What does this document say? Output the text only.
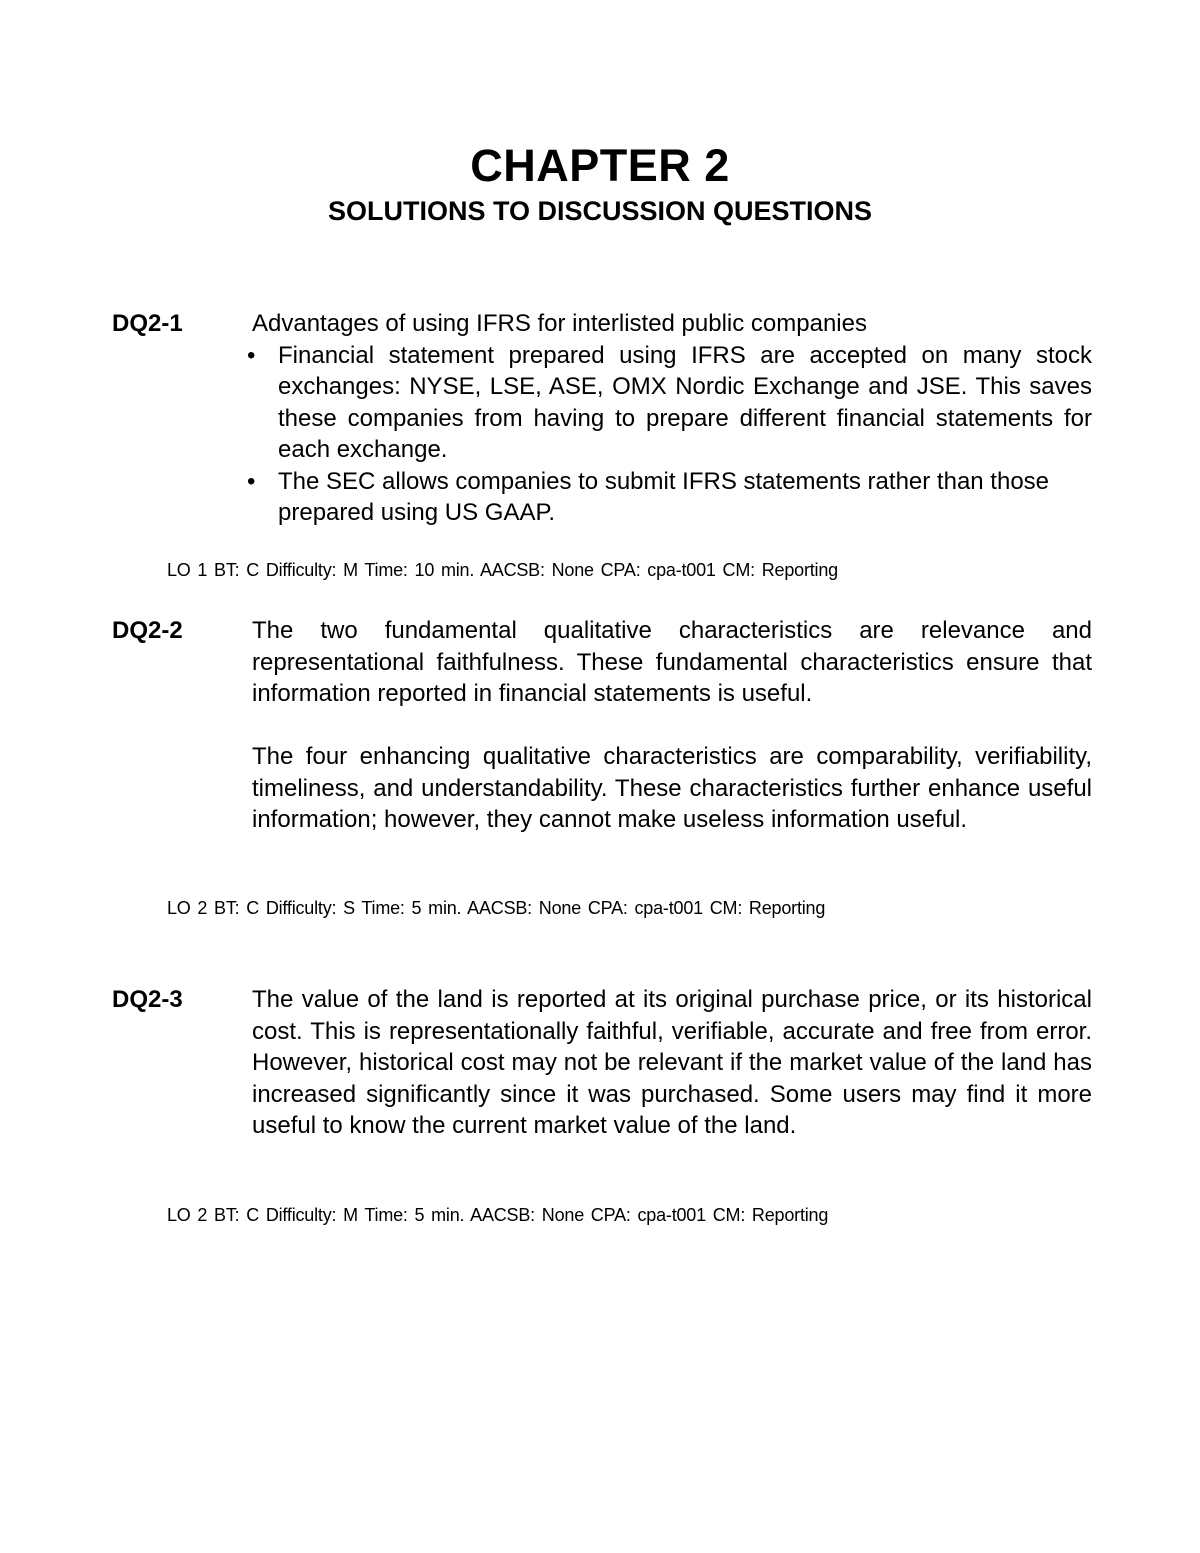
CHAPTER 2
SOLUTIONS TO DISCUSSION QUESTIONS
DQ2-1	Advantages of using IFRS for interlisted public companies

• Financial statement prepared using IFRS are accepted on many stock exchanges: NYSE, LSE, ASE, OMX Nordic Exchange and JSE. This saves these companies from having to prepare different financial statements for each exchange.
• The SEC allows companies to submit IFRS statements rather than those prepared using US GAAP.
LO 1 BT: C Difficulty: M Time: 10 min. AACSB: None CPA: cpa-t001 CM: Reporting
DQ2-2	The two fundamental qualitative characteristics are relevance and representational faithfulness. These fundamental characteristics ensure that information reported in financial statements is useful.

The four enhancing qualitative characteristics are comparability, verifiability, timeliness, and understandability. These characteristics further enhance useful information; however, they cannot make useless information useful.

LO 2 BT: C Difficulty: S Time: 5 min. AACSB: None CPA: cpa-t001 CM: Reporting
DQ2-3	The value of the land is reported at its original purchase price, or its historical cost. This is representationally faithful, verifiable, accurate and free from error. However, historical cost may not be relevant if the market value of the land has increased significantly since it was purchased. Some users may find it more useful to know the current market value of the land.

LO 2 BT: C Difficulty: M Time: 5 min. AACSB: None CPA: cpa-t001 CM: Reporting
